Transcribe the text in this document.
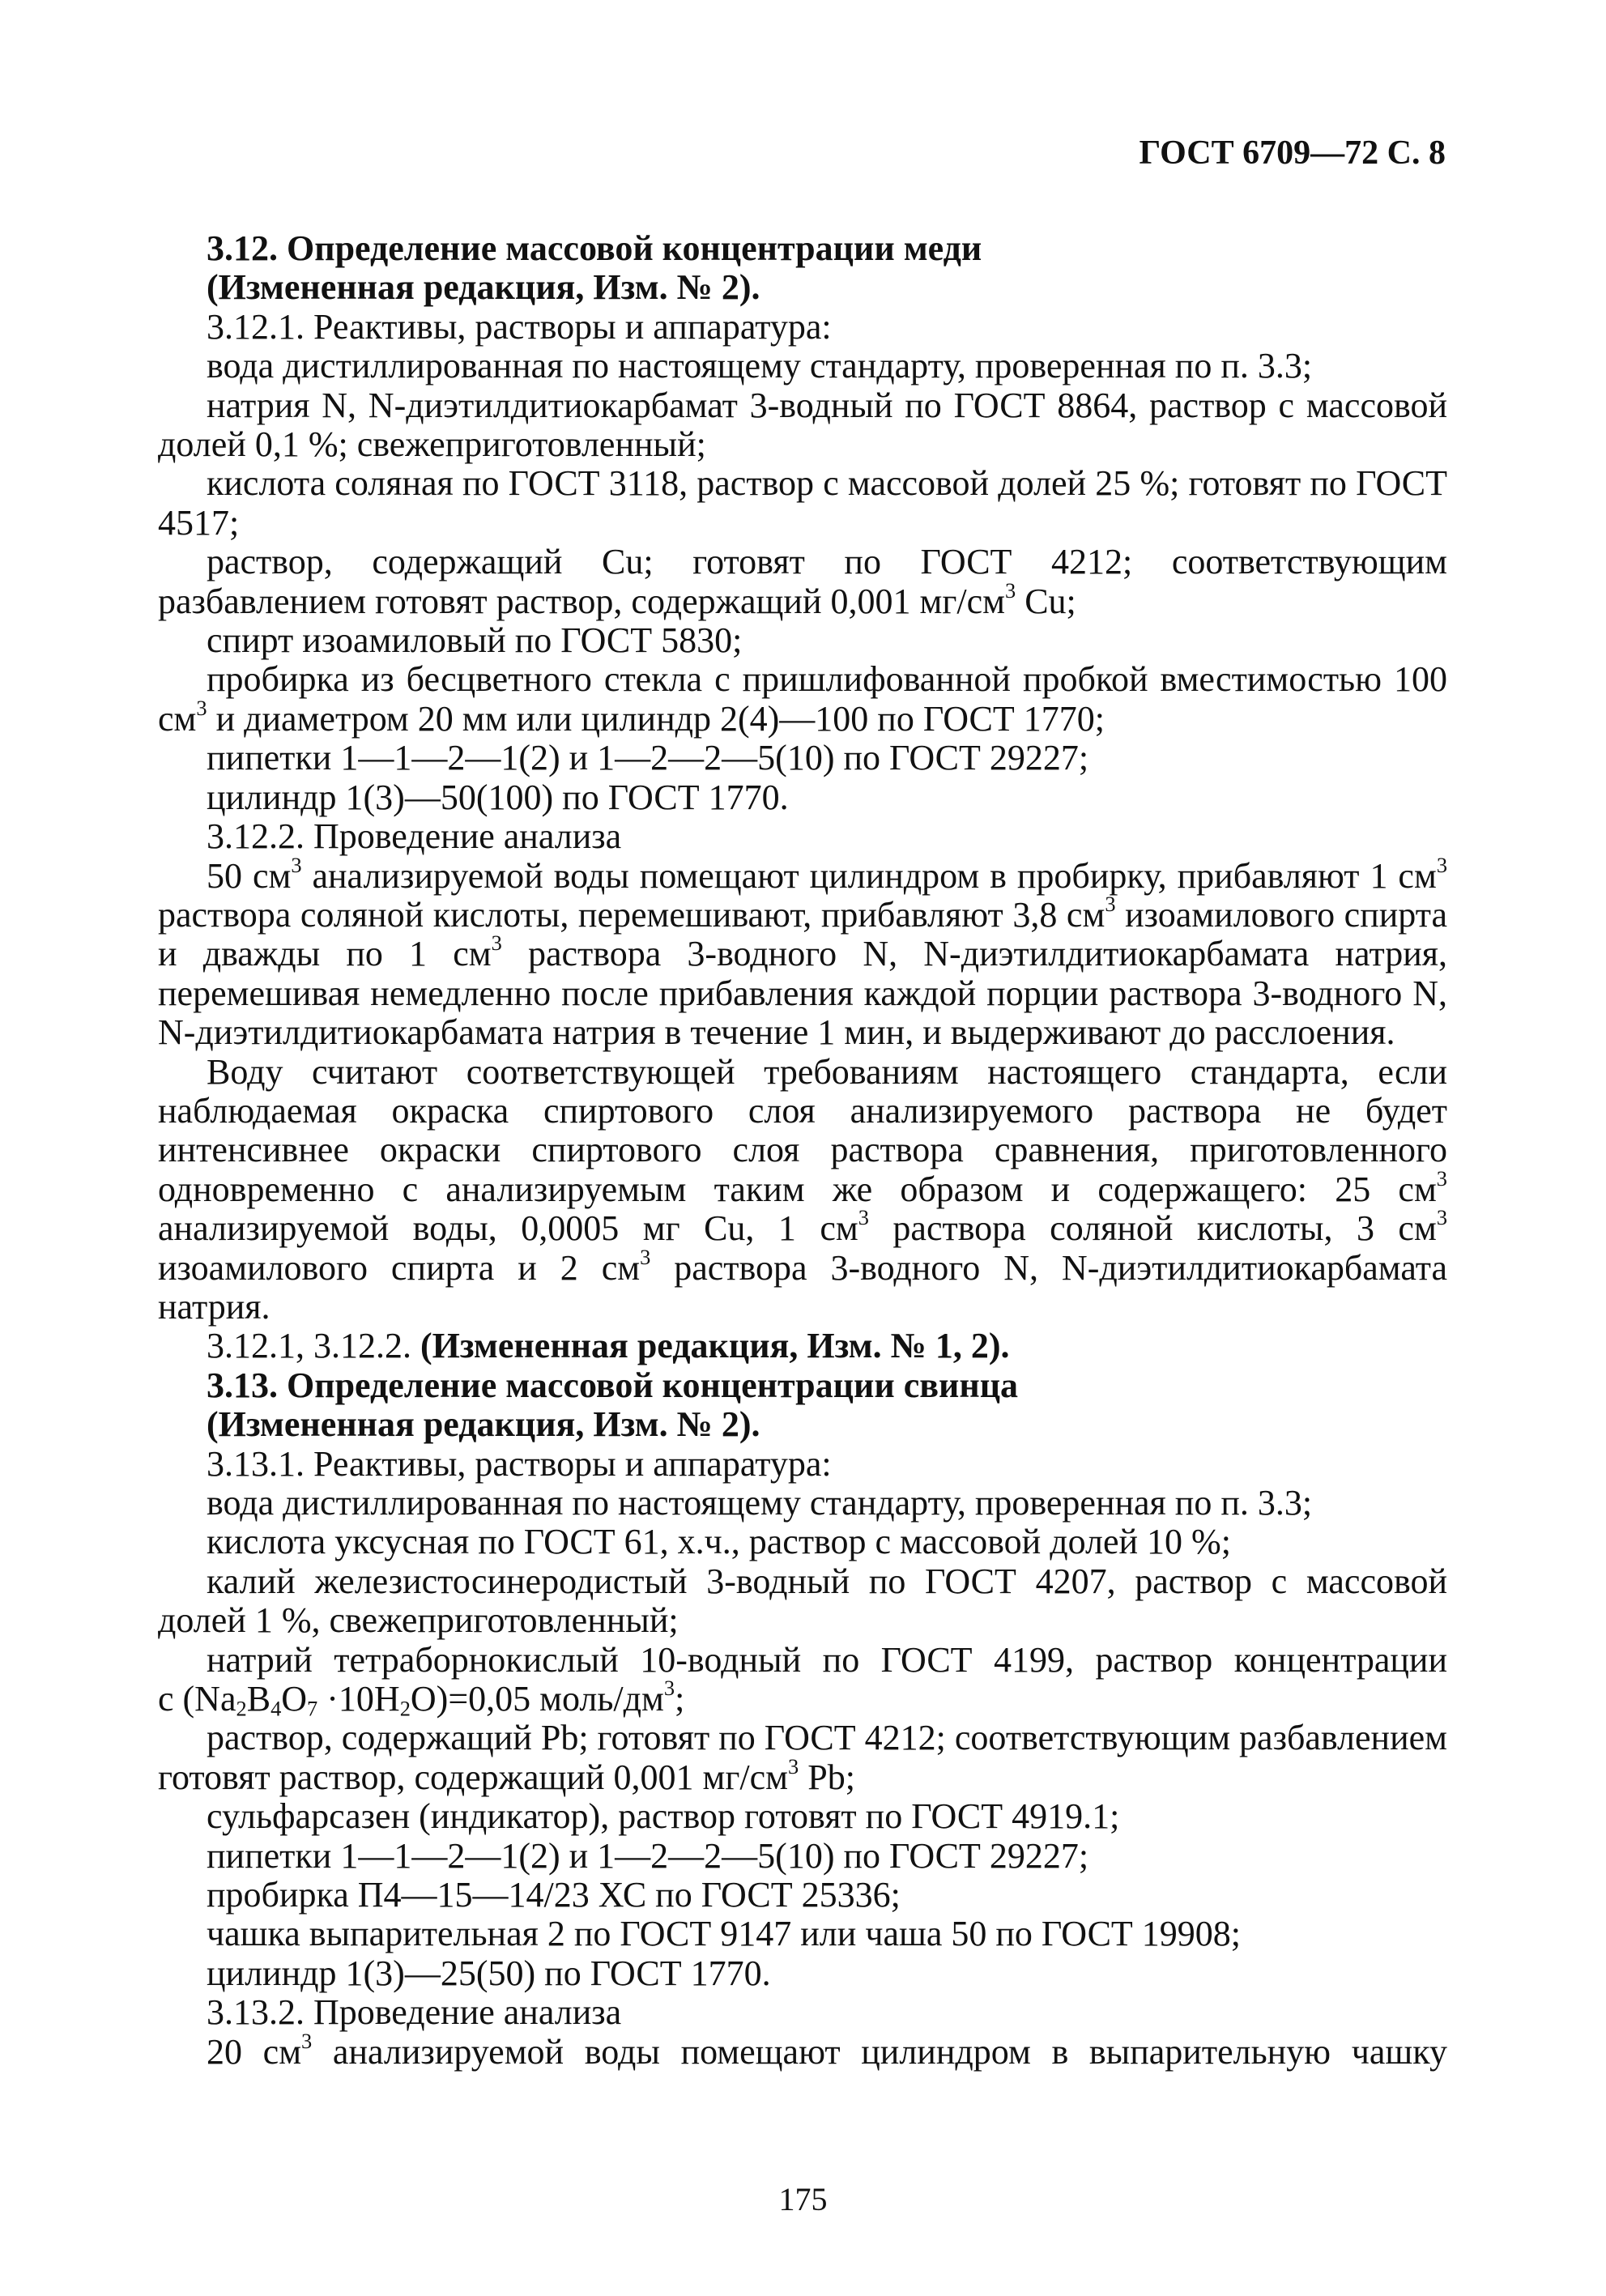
ГОСТ 6709—72 С. 8

3.12. Определение массовой концентрации меди

(Измененная редакция, Изм. № 2).

3.12.1. Реактивы, растворы и аппаратура:

вода дистиллированная по настоящему стандарту, проверенная по п. 3.3;

натрия N, N-диэтилдитиокарбамат 3-водный по ГОСТ 8864, раствор с массовой долей 0,1 %; свежеприготовленный;

кислота соляная по ГОСТ 3118, раствор с массовой долей 25 %; готовят по ГОСТ 4517;

раствор, содержащий Cu; готовят по ГОСТ 4212; соответствующим разбавлением готовят раствор, содержащий 0,001 $мг/см^3$ Cu;

спирт изоамиловый по ГОСТ 5830;

пробирка из бесцветного стекла с пришлифованной пробкой вместимостью 100 $см^3$ и диаметром 20 мм или цилиндр 2(4)—100 по ГОСТ 1770;

пипетки 1—1—2—1(2) и 1—2—2—5(10) по ГОСТ 29227;

цилиндр 1(3)—50(100) по ГОСТ 1770.

3.12.2. Проведение анализа

50 $см^3$ анализируемой воды помещают цилиндром в пробирку, прибавляют 1 $см^3$ раствора соляной кислоты, перемешивают, прибавляют 3,8 $см^3$ изоамилового спирта и дважды по 1 $см^3$ раствора 3-водного N, N-диэтилдитиокарбамата натрия, перемешивая немедленно после прибавления каждой порции раствора 3-водного N, N-диэтилдитиокарбамата натрия в течение 1 мин, и выдерживают до расслоения.

Воду считают соответствующей требованиям настоящего стандарта, если наблюдаемая окраска спиртового слоя анализируемого раствора не будет интенсивнее окраски спиртового слоя раствора сравнения, приготовленного одновременно с анализируемым таким же образом и содержащего: 25 $см^3$ анализируемой воды, 0,0005 мг Cu, 1 $см^3$ раствора соляной кислоты, 3 $см^3$ изоамилового спирта и 2 $см^3$ раствора 3-водного N, N-диэтилдитиокарбамата натрия.

3.12.1, 3.12.2. (Измененная редакция, Изм. № 1, 2).

3.13. Определение массовой концентрации свинца

(Измененная редакция, Изм. № 2).

3.13.1. Реактивы, растворы и аппаратура:

вода дистиллированная по настоящему стандарту, проверенная по п. 3.3;

кислота уксусная по ГОСТ 61, х.ч., раствор с массовой долей 10 %;

калий железистосинеродистый 3-водный по ГОСТ 4207, раствор с массовой долей 1 %, свежеприготовленный;

натрий тетраборнокислый 10-водный по ГОСТ 4199, раствор концентрации

c $(Na_2B_4O_7 \cdot 10H_2O)=0,05$ моль/$дм^3$;

раствор, содержащий Pb; готовят по ГОСТ 4212; соответствующим разбавлением готовят раствор, содержащий 0,001 $мг/см^3$ Pb;

сульфарсазен (индикатор), раствор готовят по ГОСТ 4919.1;

пипетки 1—1—2—1(2) и 1—2—2—5(10) по ГОСТ 29227;

пробирка П4—15—14/23 ХС по ГОСТ 25336;

чашка выпарительная 2 по ГОСТ 9147 или чаша 50 по ГОСТ 19908;

цилиндр 1(3)—25(50) по ГОСТ 1770.

3.13.2. Проведение анализа

20 $см^3$ анализируемой воды помещают цилиндром в выпарительную чашку

175
